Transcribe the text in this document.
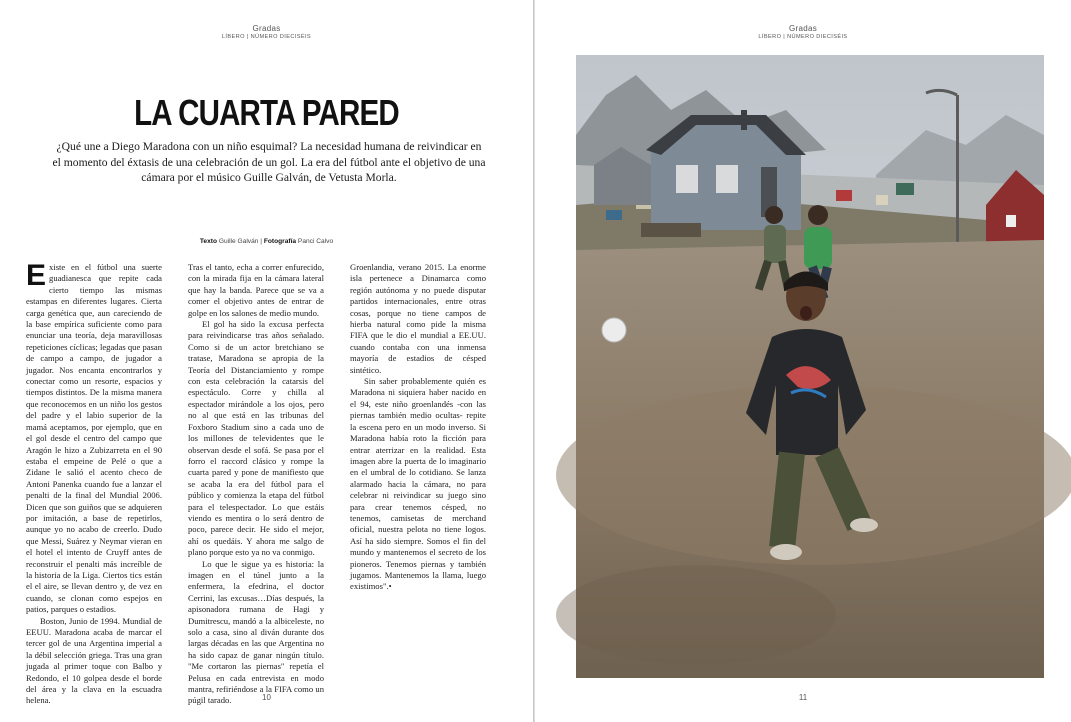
Gradas
LÍBERO | NÚMERO DIECISÉIS
LA CUARTA PARED
¿Qué une a Diego Maradona con un niño esquimal? La necesidad humana de reivindicar en el momento del éxtasis de una celebración de un gol. La era del fútbol ante el objetivo de una cámara por el músico Guille Galván, de Vetusta Morla.
Texto Guille Galván | Fotografía Panci Calvo

Existe en el fútbol una suerte guadianesca que repite cada cierto tiempo las mismas estampas en diferentes lugares. Cierta carga genética que, aun careciendo de la base empírica suficiente como para enunciar una teoría, deja maravillosas repeticiones cíclicas; legadas que pasan de campo a campo, de jugador a jugador. Nos encanta encontrarlos y conectar como un resorte, espacios y tiempos distintos. De la misma manera que reconocemos en un niño los gestos del padre y el labio superior de la mamá aceptamos, por ejemplo, que en el gol desde el centro del campo que Aragón le hizo a Zubizarreta en el 90 estaba el empeine de Pelé o que a Zidane le salió el acento checo de Antoni Panenka cuando fue a lanzar el penalti de la final del Mundial 2006. Dicen que son guiños que se adquieren por imitación, a base de repetirlos, aunque yo no acabo de creerlo. Dudo que Messi, Suárez y Neymar vieran en el hotel el intento de Cruyff antes de reconstruir el penalti más increíble de la historia de la Liga. Ciertos tics están el el aire, se llevan dentro y, de vez en cuando, se clonan como espejos en patios, parques o estadios.

Boston, Junio de 1994. Mundial de EEUU. Maradona acaba de marcar el tercer gol de una Argentina imperial a la débil selección griega. Tras una gran jugada al primer toque con Balbo y Redondo, el 10 golpea desde el borde del área y la clava en la escuadra helena.

Tras el tanto, echa a correr enfurecido, con la mirada fija en la cámara lateral que hay la banda. Parece que se va a comer el objetivo antes de entrar de golpe en los salones de medio mundo.

El gol ha sido la excusa perfecta para reivindicarse tras años señalado. Como si de un actor bretchiano se tratase, Maradona se apropia de la Teoría del Distanciamiento y rompe con esta celebración la catarsis del espectáculo. Corre y chilla al espectador mirándole a los ojos, pero no al que está en las tribunas del Foxboro Stadium sino a cada uno de los millones de televidentes que le observan desde el sofá. Se pasa por el forro el raccord clásico y rompe la cuarta pared y pone de manifiesto que se acaba la era del fútbol para el público y comienza la etapa del fútbol para el telespectador. Lo que estáis viendo es mentira o lo será dentro de poco, parece decir. He sido el mejor, ahí os quedáis. Y ahora me salgo de plano porque esto ya no va conmigo.

Lo que le sigue ya es historia: la imagen en el túnel junto a la enfermera, la efedrina, el doctor Cerrini, las excusas…Días después, la apisonadora rumana de Hagi y Dumitrescu, mandó a la albiceleste, no solo a casa, sino al diván durante dos largas décadas en las que Argentina no ha sido capaz de ganar ningún título. "Me cortaron las piernas" repetía el Pelusa en cada entrevista en modo mantra, refiriéndose a la FIFA como un púgil tarado.

Groenlandia, verano 2015. La enorme isla pertenece a Dinamarca como región autónoma y no puede disputar partidos internacionales, entre otras cosas, porque no tiene campos de hierba natural como pide la misma FIFA que le dio el mundial a EE.UU. cuando contaba con una inmensa mayoría de estadios de césped sintético.

Sin saber probablemente quién es Maradona ni siquiera haber nacido en el 94, este niño groenlandés -con las piernas también medio ocultas- repite la escena pero en un modo inverso. Si Maradona había roto la ficción para entrar aterrizar en la realidad. Esta imagen abre la puerta de lo imaginario en el umbral de lo cotidiano. Se lanza alarmado hacia la cámara, no para celebrar ni reivindicar su juego sino para crear tenemos césped, no tenemos, camisetas de merchand oficial, nuestra pelota no tiene logos. Así ha sido siempre. Somos el fin del mundo y mantenemos el secreto de los pioneros. Tenemos piernas y también jugamos. Mantenemos la llama, luego existimos".•

10
Gradas
LÍBERO | NÚMERO DIECISÉIS
11
